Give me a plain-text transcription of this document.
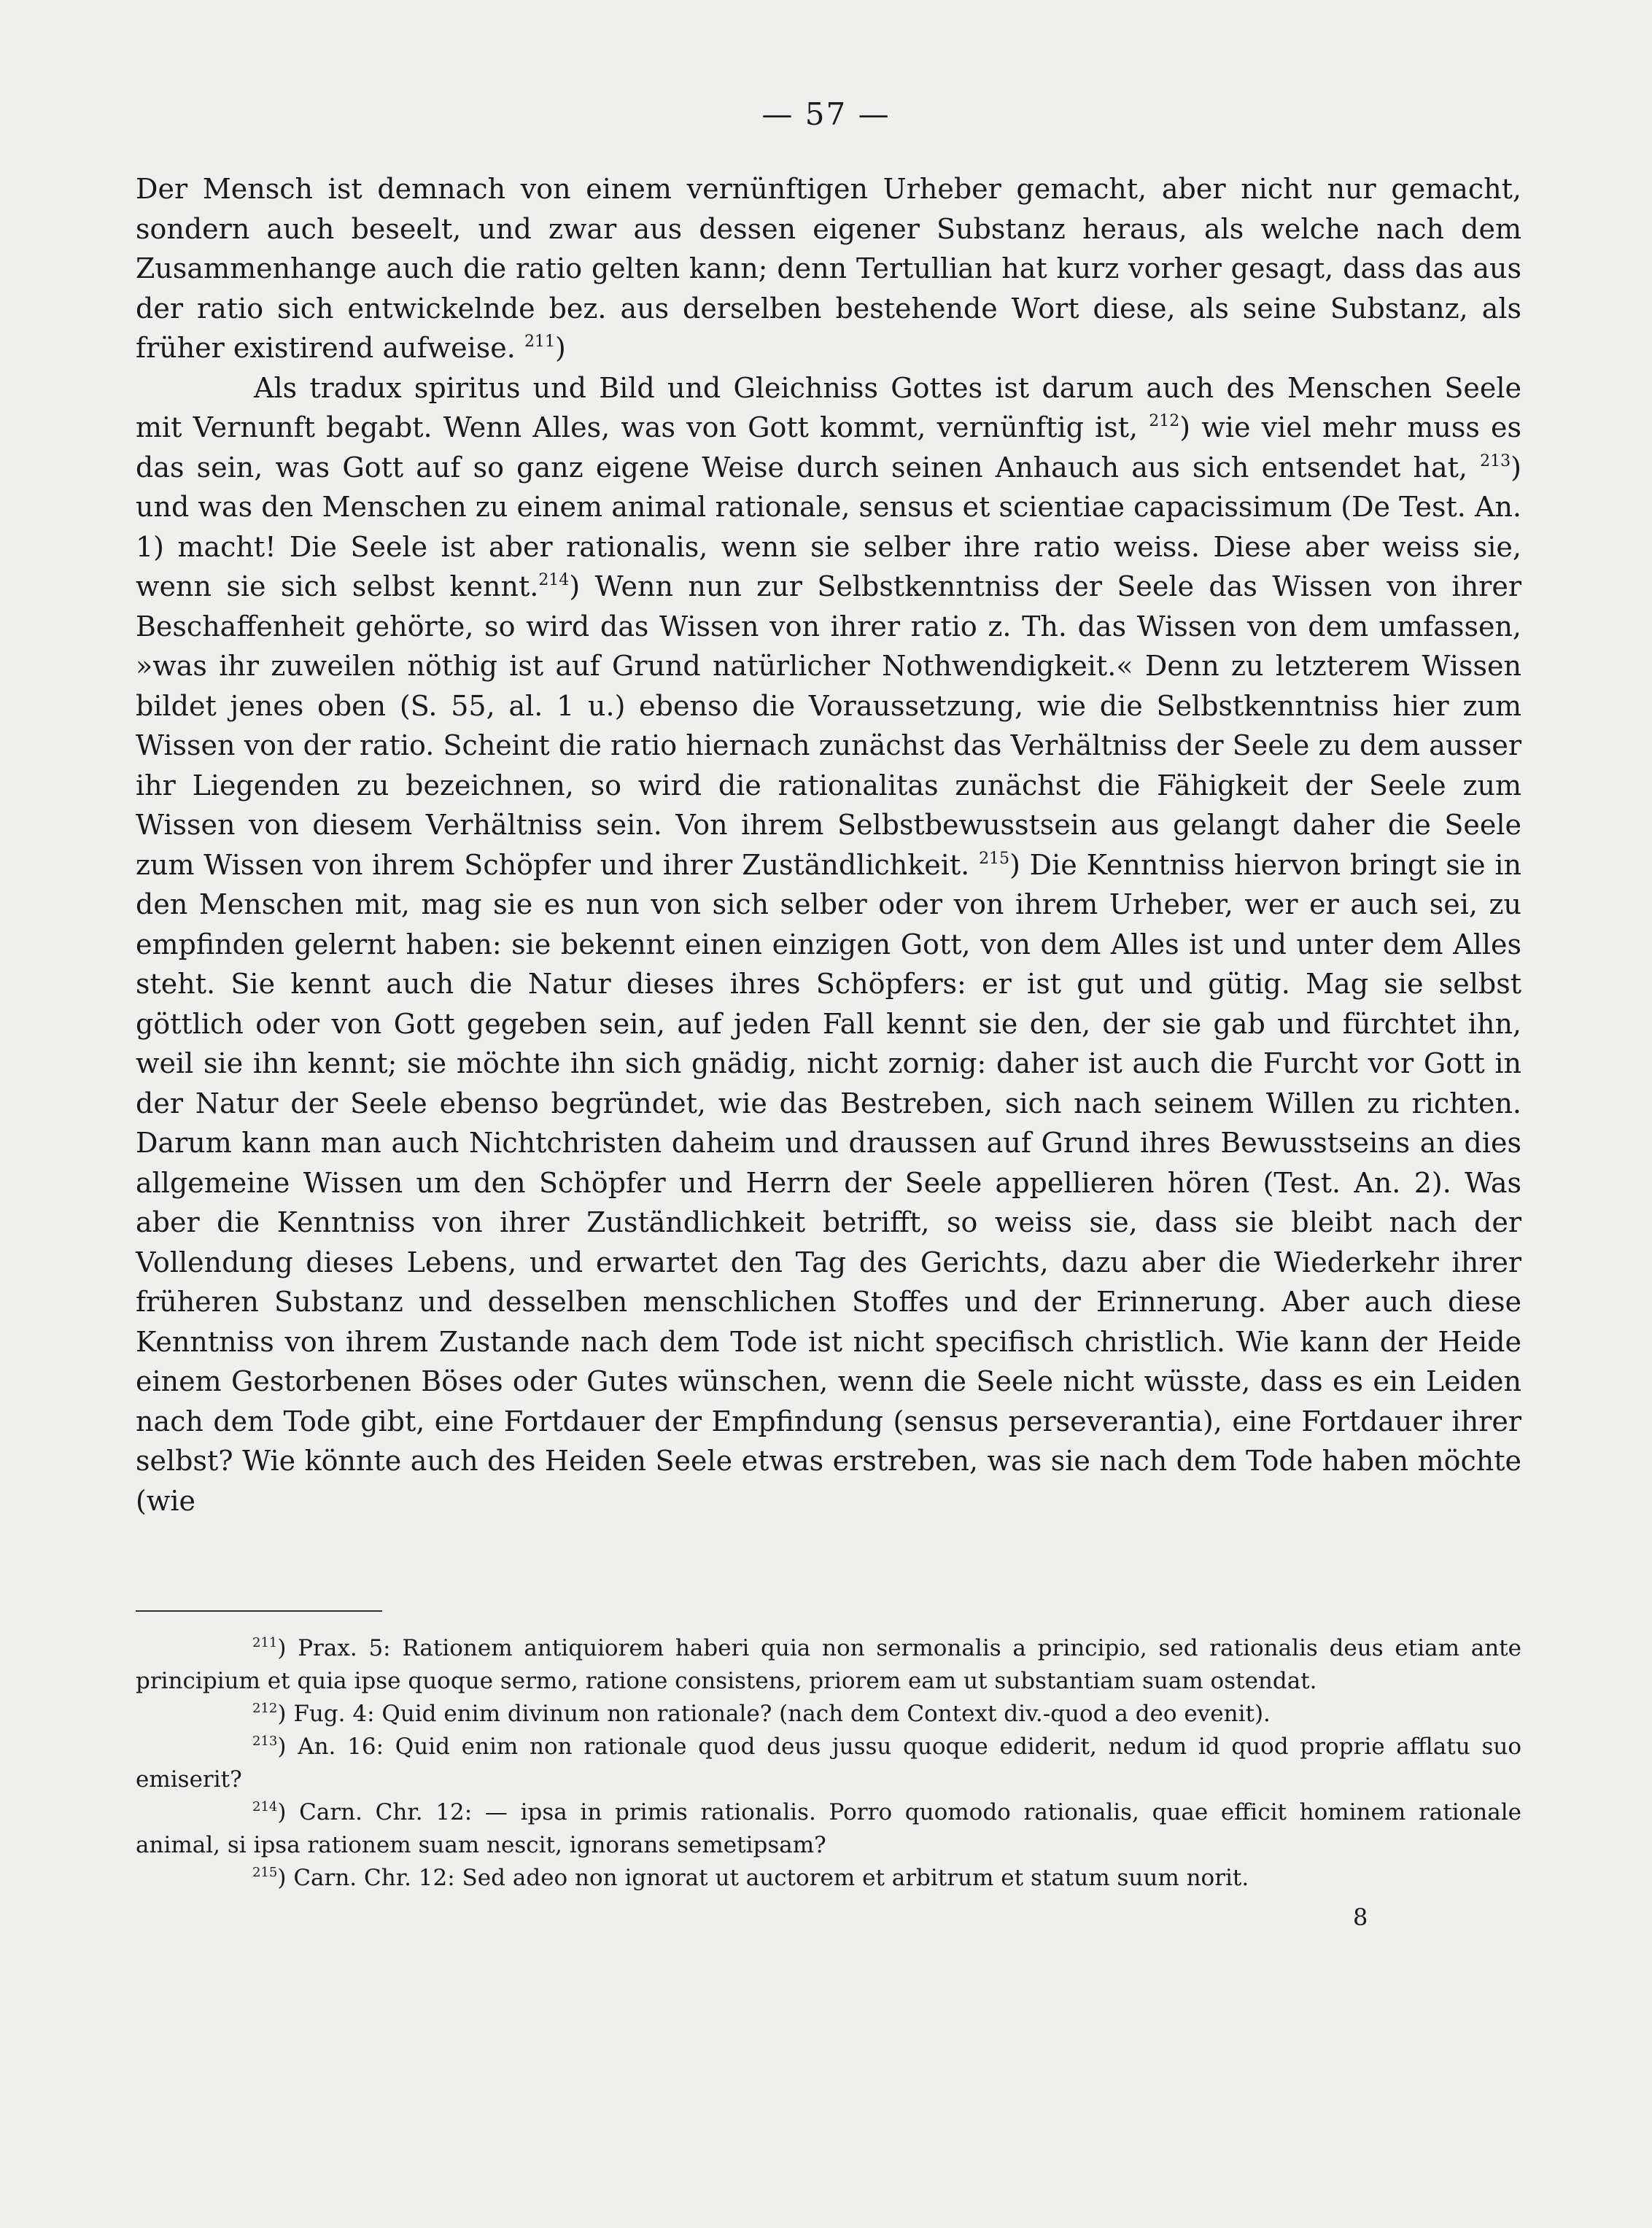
— 57 —

Der Mensch ist demnach von einem vernünftigen Urheber gemacht, aber nicht nur gemacht, sondern auch beseelt, und zwar aus dessen eigener Substanz heraus, als welche nach dem Zusammenhange auch die ratio gelten kann; denn Tertullian hat kurz vorher gesagt, dass das aus der ratio sich entwickelnde bez. aus derselben bestehende Wort diese, als seine Substanz, als früher existirend aufweise. $^{211}$)

Als tradux spiritus und Bild und Gleichniss Gottes ist darum auch des Menschen Seele mit Vernunft begabt. Wenn Alles, was von Gott kommt, vernünftig ist, $^{212}$) wie viel mehr muss es das sein, was Gott auf so ganz eigene Weise durch seinen Anhauch aus sich entsendet hat, $^{213}$) und was den Menschen zu einem animal rationale, sensus et scientiae capacissimum (De Test. An. 1) macht! Die Seele ist aber rationalis, wenn sie selber ihre ratio weiss. Diese aber weiss sie, wenn sie sich selbst kennt.$^{214}$) Wenn nun zur Selbstkenntniss der Seele das Wissen von ihrer Beschaffenheit gehörte, so wird das Wissen von ihrer ratio z. Th. das Wissen von dem umfassen, »was ihr zuweilen nöthig ist auf Grund natürlicher Nothwendigkeit.« Denn zu letzterem Wissen bildet jenes oben (S. 55, al. 1 u.) ebenso die Voraussetzung, wie die Selbstkenntniss hier zum Wissen von der ratio. Scheint die ratio hiernach zunächst das Verhältniss der Seele zu dem ausser ihr Liegenden zu bezeichnen, so wird die rationalitas zunächst die Fähigkeit der Seele zum Wissen von diesem Verhältniss sein. Von ihrem Selbstbewusstsein aus gelangt daher die Seele zum Wissen von ihrem Schöpfer und ihrer Zuständlichkeit. $^{215}$) Die Kenntniss hiervon bringt sie in den Menschen mit, mag sie es nun von sich selber oder von ihrem Urheber, wer er auch sei, zu empfinden gelernt haben: sie bekennt einen einzigen Gott, von dem Alles ist und unter dem Alles steht. Sie kennt auch die Natur dieses ihres Schöpfers: er ist gut und gütig. Mag sie selbst göttlich oder von Gott gegeben sein, auf jeden Fall kennt sie den, der sie gab und fürchtet ihn, weil sie ihn kennt; sie möchte ihn sich gnädig, nicht zornig: daher ist auch die Furcht vor Gott in der Natur der Seele ebenso begründet, wie das Bestreben, sich nach seinem Willen zu richten. Darum kann man auch Nichtchristen daheim und draussen auf Grund ihres Bewusstseins an dies allgemeine Wissen um den Schöpfer und Herrn der Seele appellieren hören (Test. An. 2). Was aber die Kenntniss von ihrer Zuständlichkeit betrifft, so weiss sie, dass sie bleibt nach der Vollendung dieses Lebens, und erwartet den Tag des Gerichts, dazu aber die Wiederkehr ihrer früheren Substanz und desselben menschlichen Stoffes und der Erinnerung. Aber auch diese Kenntniss von ihrem Zustande nach dem Tode ist nicht specifisch christlich. Wie kann der Heide einem Gestorbenen Böses oder Gutes wünschen, wenn die Seele nicht wüsste, dass es ein Leiden nach dem Tode gibt, eine Fortdauer der Empfindung (sensus perseverantia), eine Fortdauer ihrer selbst? Wie könnte auch des Heiden Seele etwas erstreben, was sie nach dem Tode haben möchte (wie

$^{211}$) Prax. 5: Rationem antiquiorem haberi quia non sermonalis a principio, sed rationalis deus etiam ante principium et quia ipse quoque sermo, ratione consistens, priorem eam ut substantiam suam ostendat.

$^{212}$) Fug. 4: Quid enim divinum non rationale? (nach dem Context div.-quod a deo evenit).

$^{213}$) An. 16: Quid enim non rationale quod deus jussu quoque ediderit, nedum id quod proprie afflatu suo emiserit?

$^{214}$) Carn. Chr. 12: — ipsa in primis rationalis. Porro quomodo rationalis, quae efficit hominem rationale animal, si ipsa rationem suam nescit, ignorans semetipsam?

$^{215}$) Carn. Chr. 12: Sed adeo non ignorat ut auctorem et arbitrum et statum suum norit.

8
